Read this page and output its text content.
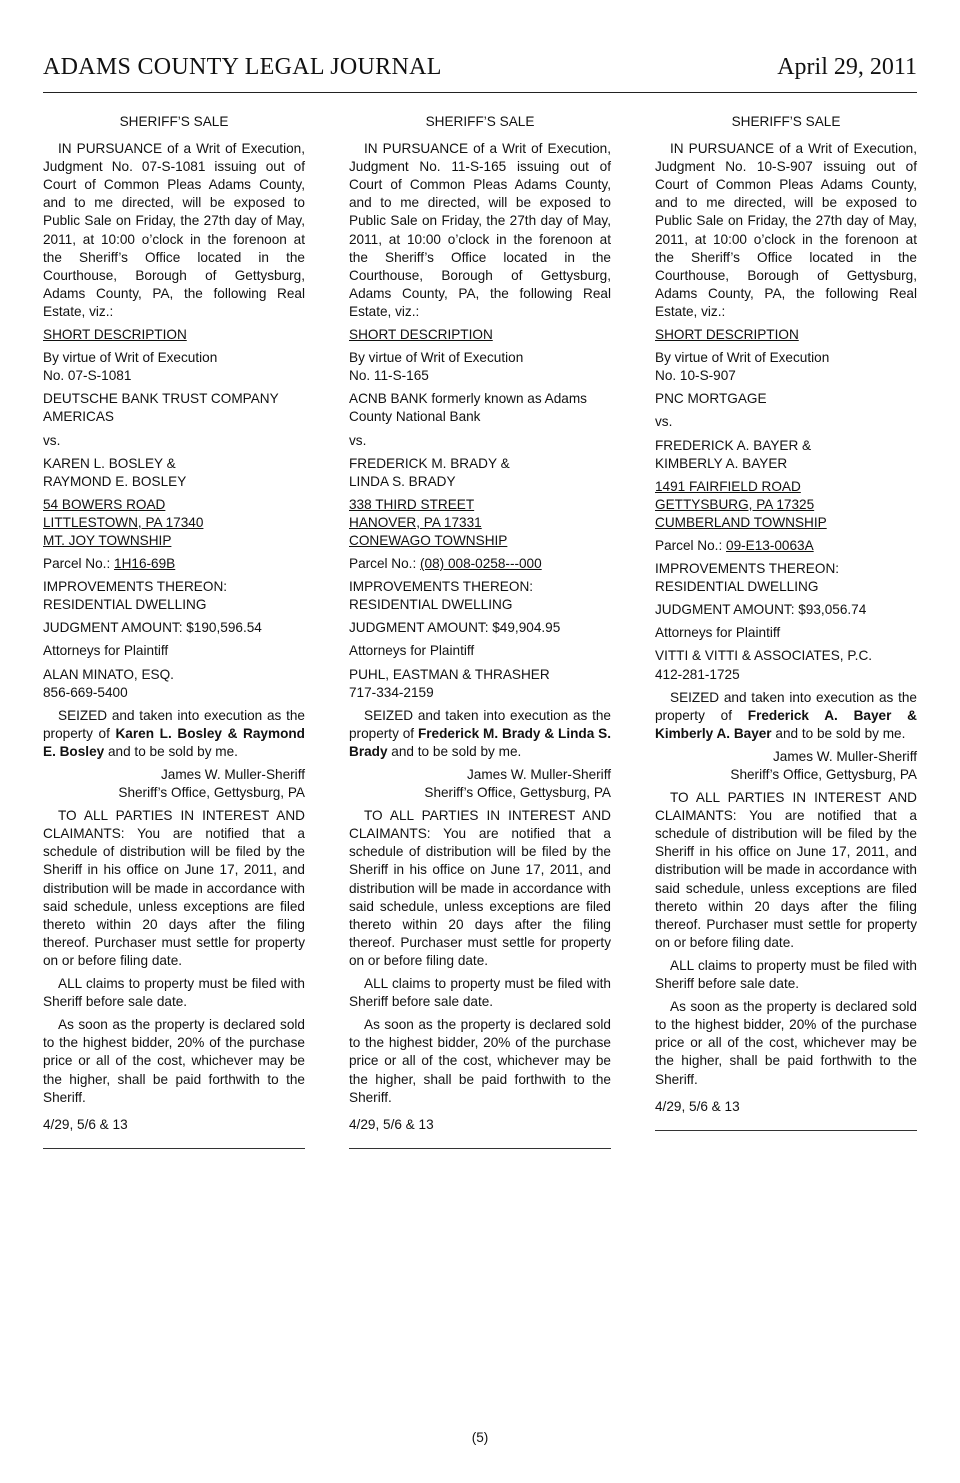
ADAMS COUNTY LEGAL JOURNAL	April 29, 2011
SHERIFF’S SALE

IN PURSUANCE of a Writ of Execution, Judgment No. 07-S-1081 issuing out of Court of Common Pleas Adams County, and to me directed, will be exposed to Public Sale on Friday, the 27th day of May, 2011, at 10:00 o’clock in the forenoon at the Sheriff’s Office located in the Courthouse, Borough of Gettysburg, Adams County, PA, the following Real Estate, viz.:

SHORT DESCRIPTION
By virtue of Writ of Execution
No. 07-S-1081
DEUTSCHE BANK TRUST COMPANY AMERICAS
vs.
KAREN L. BOSLEY &
RAYMOND E. BOSLEY
54 BOWERS ROAD
LITTLESTOWN, PA 17340
MT. JOY TOWNSHIP
Parcel No.: 1H16-69B
IMPROVEMENTS THEREON:
RESIDENTIAL DWELLING
JUDGMENT AMOUNT: $190,596.54
Attorneys for Plaintiff
ALAN MINATO, ESQ.
856-669-5400

SEIZED and taken into execution as the property of Karen L. Bosley & Raymond E. Bosley and to be sold by me.

James W. Muller-Sheriff
Sheriff’s Office, Gettysburg, PA

TO ALL PARTIES IN INTEREST AND CLAIMANTS: You are notified that a schedule of distribution will be filed by the Sheriff in his office on June 17, 2011, and distribution will be made in accordance with said schedule, unless exceptions are filed thereto within 20 days after the filing thereof. Purchaser must settle for property on or before filing date.

ALL claims to property must be filed with Sheriff before sale date.

As soon as the property is declared sold to the highest bidder, 20% of the purchase price or all of the cost, whichever may be the higher, shall be paid forthwith to the Sheriff.

4/29, 5/6 & 13
SHERIFF’S SALE

IN PURSUANCE of a Writ of Execution, Judgment No. 11-S-165 issuing out of Court of Common Pleas Adams County, and to me directed, will be exposed to Public Sale on Friday, the 27th day of May, 2011, at 10:00 o’clock in the forenoon at the Sheriff’s Office located in the Courthouse, Borough of Gettysburg, Adams County, PA, the following Real Estate, viz.:

SHORT DESCRIPTION
By virtue of Writ of Execution
No. 11-S-165
ACNB BANK formerly known as Adams County National Bank
vs.
FREDERICK M. BRADY &
LINDA S. BRADY
338 THIRD STREET
HANOVER, PA 17331
CONEWAGO TOWNSHIP
Parcel No.: (08) 008-0258---000
IMPROVEMENTS THEREON:
RESIDENTIAL DWELLING
JUDGMENT AMOUNT: $49,904.95
Attorneys for Plaintiff
PUHL, EASTMAN & THRASHER
717-334-2159

SEIZED and taken into execution as the property of Frederick M. Brady & Linda S. Brady and to be sold by me.

James W. Muller-Sheriff
Sheriff’s Office, Gettysburg, PA

TO ALL PARTIES IN INTEREST AND CLAIMANTS: You are notified that a schedule of distribution will be filed by the Sheriff in his office on June 17, 2011, and distribution will be made in accordance with said schedule, unless exceptions are filed thereto within 20 days after the filing thereof. Purchaser must settle for property on or before filing date.

ALL claims to property must be filed with Sheriff before sale date.

As soon as the property is declared sold to the highest bidder, 20% of the purchase price or all of the cost, whichever may be the higher, shall be paid forthwith to the Sheriff.

4/29, 5/6 & 13
SHERIFF’S SALE

IN PURSUANCE of a Writ of Execution, Judgment No. 10-S-907 issuing out of Court of Common Pleas Adams County, and to me directed, will be exposed to Public Sale on Friday, the 27th day of May, 2011, at 10:00 o’clock in the forenoon at the Sheriff’s Office located in the Courthouse, Borough of Gettysburg, Adams County, PA, the following Real Estate, viz.:

SHORT DESCRIPTION
By virtue of Writ of Execution
No. 10-S-907
PNC MORTGAGE
vs.
FREDERICK A. BAYER &
KIMBERLY A. BAYER
1491 FAIRFIELD ROAD
GETTYSBURG, PA 17325
CUMBERLAND TOWNSHIP
Parcel No.: 09-E13-0063A
IMPROVEMENTS THEREON:
RESIDENTIAL DWELLING
JUDGMENT AMOUNT: $93,056.74
Attorneys for Plaintiff
VITTI & VITTI & ASSOCIATES, P.C.
412-281-1725

SEIZED and taken into execution as the property of Frederick A. Bayer & Kimberly A. Bayer and to be sold by me.

James W. Muller-Sheriff
Sheriff’s Office, Gettysburg, PA

TO ALL PARTIES IN INTEREST AND CLAIMANTS: You are notified that a schedule of distribution will be filed by the Sheriff in his office on June 17, 2011, and distribution will be made in accordance with said schedule, unless exceptions are filed thereto within 20 days after the filing thereof. Purchaser must settle for property on or before filing date.

ALL claims to property must be filed with Sheriff before sale date.

As soon as the property is declared sold to the highest bidder, 20% of the purchase price or all of the cost, whichever may be the higher, shall be paid forthwith to the Sheriff.

4/29, 5/6 & 13
(5)
